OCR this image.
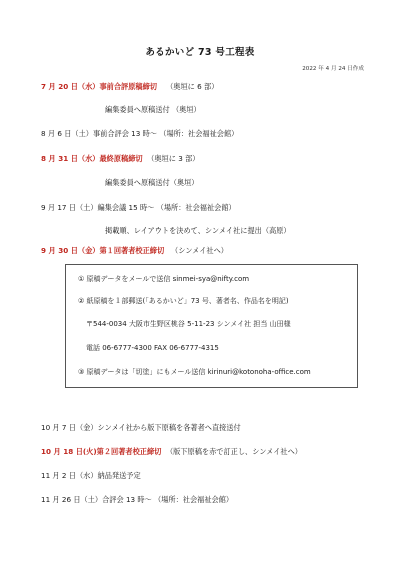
あるかいど 73 号工程表
2022 年 4 月 24 日作成
7 月 20 日（水）事前合評原稿締切 （奥垣に 6 部）
編集委員へ原稿送付 （奥垣）
8 月 6 日（土）事前合評会 13 時～ （場所：社会福祉会館）
8 月 31 日（水）最終原稿締切 （奥垣に 3 部）
編集委員へ原稿送付（奥垣）
9 月 17 日（土）編集会議 15 時～ （場所：社会福祉会館）
掲載順、レイアウトを決めて、シンメイ社に提出（高原）
9 月 30 日（金）第１回著者校正締切 （シンメイ社へ）
① 原稿データをメールで送信 sinmei-sya@nifty.com
② 紙原稿を１部郵送(「あるかいど」73 号、著者名、作品名を明記)
〒544-0034 大阪市生野区桃谷 5-11-23 シンメイ社 担当 山田様
電話 06-6777-4300 FAX 06-6777-4315
③ 原稿データは「切塗」にもメール送信 kirinuri@kotonoha-office.com
10 月 7 日（金）シンメイ社から版下原稿を各著者へ直接送付
10 月 18 日(火)第２回著者校正締切 （版下原稿を赤で訂正し、シンメイ社へ）
11 月 2 日（水）納品発送予定
11 月 26 日（土）合評会 13 時～ （場所：社会福祉会館）
